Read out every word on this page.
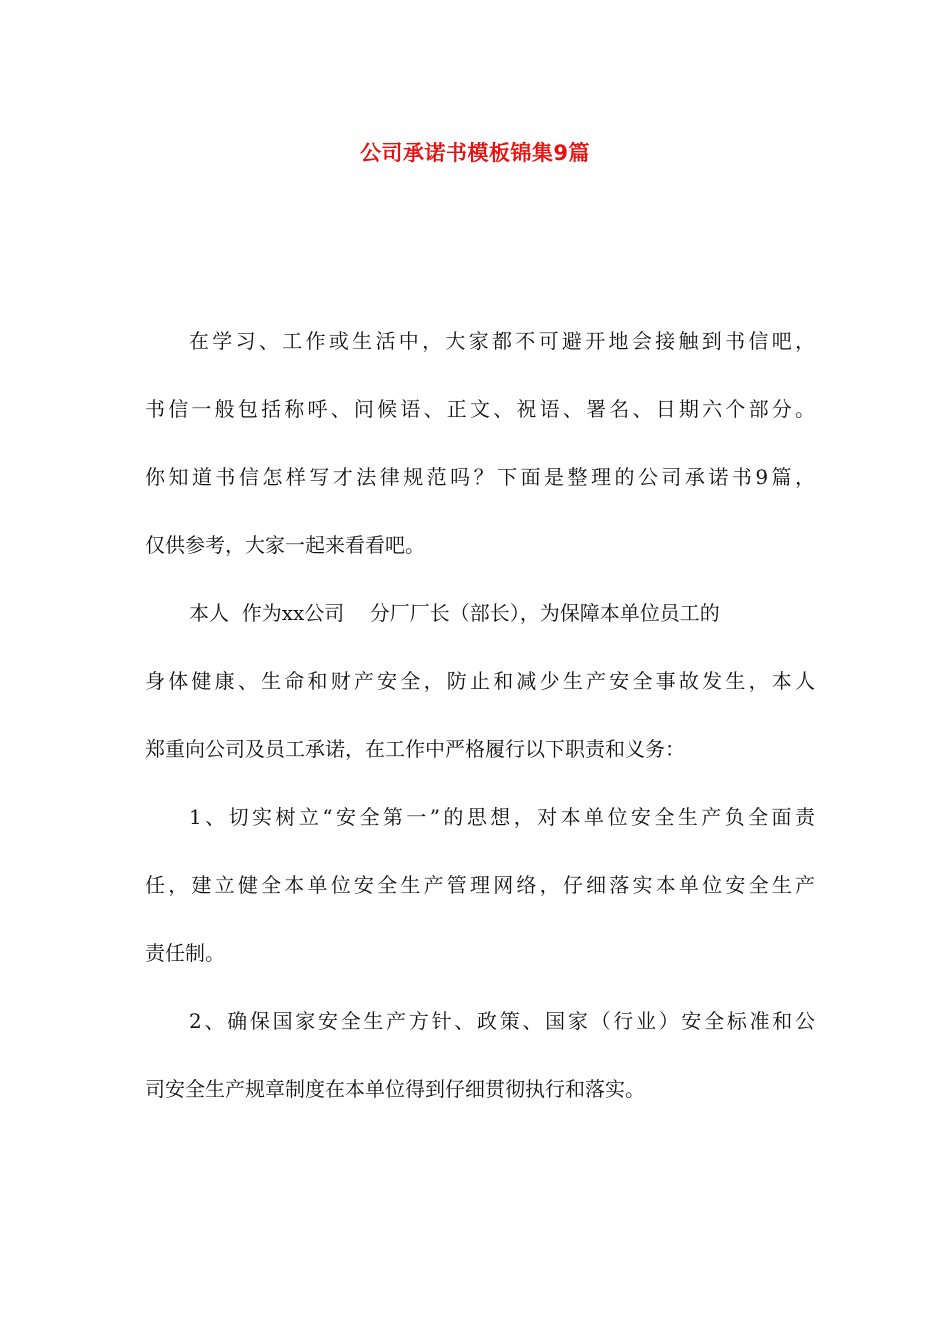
公司承诺书模板锦集9篇
在学习、工作或生活中，大家都不可避开地会接触到书信吧，
书信一般包括称呼、问候语、正文、祝语、署名、日期六个部分。
你知道书信怎样写才法律规范吗？下面是整理的公司承诺书9篇，
仅供参考，大家一起来看看吧。
本人  作为xx公司    分厂厂长（部长），为保障本单位员工的
身体健康、生命和财产安全，防止和减少生产安全事故发生，本人
郑重向公司及员工承诺，在工作中严格履行以下职责和义务：
1、切实树立“安全第一”的思想，对本单位安全生产负全面责
任，建立健全本单位安全生产管理网络，仔细落实本单位安全生产
责任制。
2、确保国家安全生产方针、政策、国家（行业）安全标准和公
司安全生产规章制度在本单位得到仔细贯彻执行和落实。
